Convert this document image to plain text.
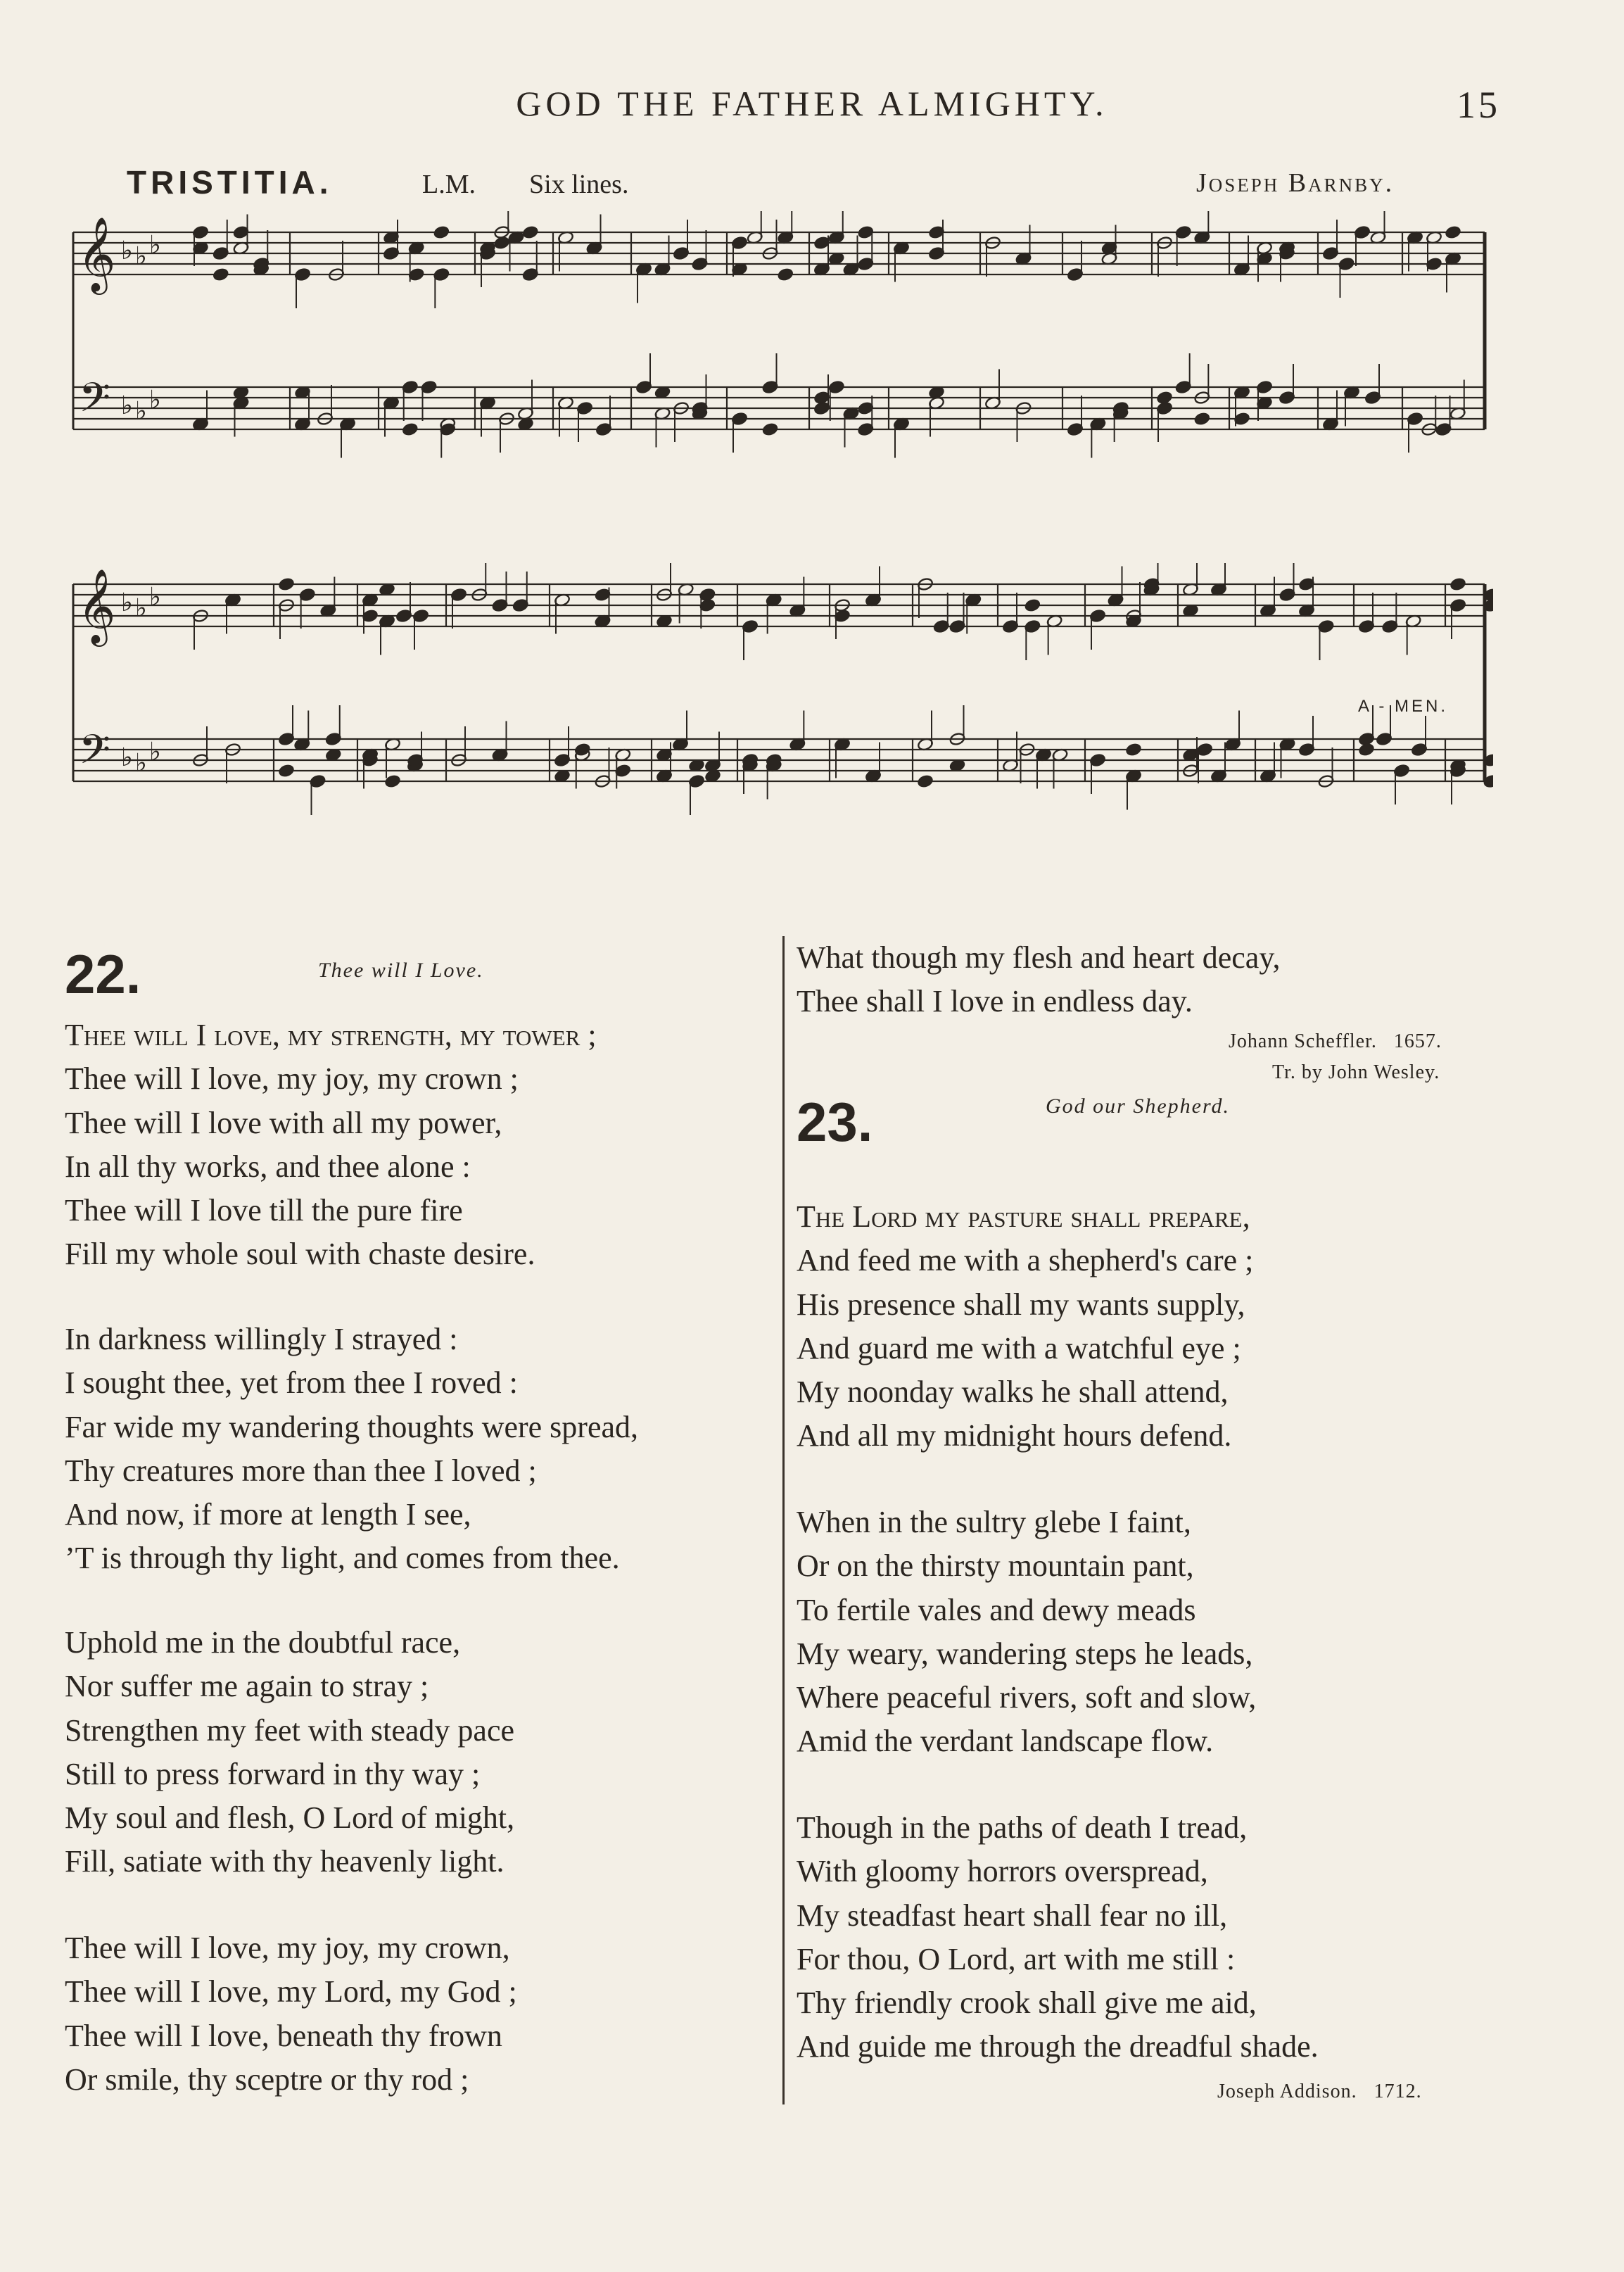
GOD THE FATHER ALMIGHTY.	15
TRISTITIA.	L.M. Six lines.	Joseph Barnby.
𝄞
𝄢
♭
♭
♭
♭
♭
♭
𝄞
𝄢
♭
♭
♭
♭
♭
♭
A - MEN.
22.	Thee will I Love.
Thee will I love, my strength, my tower ;
Thee will I love, my joy, my crown ;
Thee will I love with all my power,
In all thy works, and thee alone :
Thee will I love till the pure fire
Fill my whole soul with chaste desire.
In darkness willingly I strayed :
I sought thee, yet from thee I roved :
Far wide my wandering thoughts were spread,
Thy creatures more than thee I loved ;
And now, if more at length I see,
’T is through thy light, and comes from thee.
Uphold me in the doubtful race,
Nor suffer me again to stray ;
Strengthen my feet with steady pace
Still to press forward in thy way ;
My soul and flesh, O Lord of might,
Fill, satiate with thy heavenly light.
Thee will I love, my joy, my crown,
Thee will I love, my Lord, my God ;
Thee will I love, beneath thy frown
Or smile, thy sceptre or thy rod ;
What though my flesh and heart decay,
Thee shall I love in endless day.
Johann Scheffler. 1657.
Tr. by John Wesley.
23.	God our Shepherd.
The Lord my pasture shall prepare,
And feed me with a shepherd's care ;
His presence shall my wants supply,
And guard me with a watchful eye ;
My noonday walks he shall attend,
And all my midnight hours defend.
When in the sultry glebe I faint,
Or on the thirsty mountain pant,
To fertile vales and dewy meads
My weary, wandering steps he leads,
Where peaceful rivers, soft and slow,
Amid the verdant landscape flow.
Though in the paths of death I tread,
With gloomy horrors overspread,
My steadfast heart shall fear no ill,
For thou, O Lord, art with me still :
Thy friendly crook shall give me aid,
And guide me through the dreadful shade.
Joseph Addison. 1712.
